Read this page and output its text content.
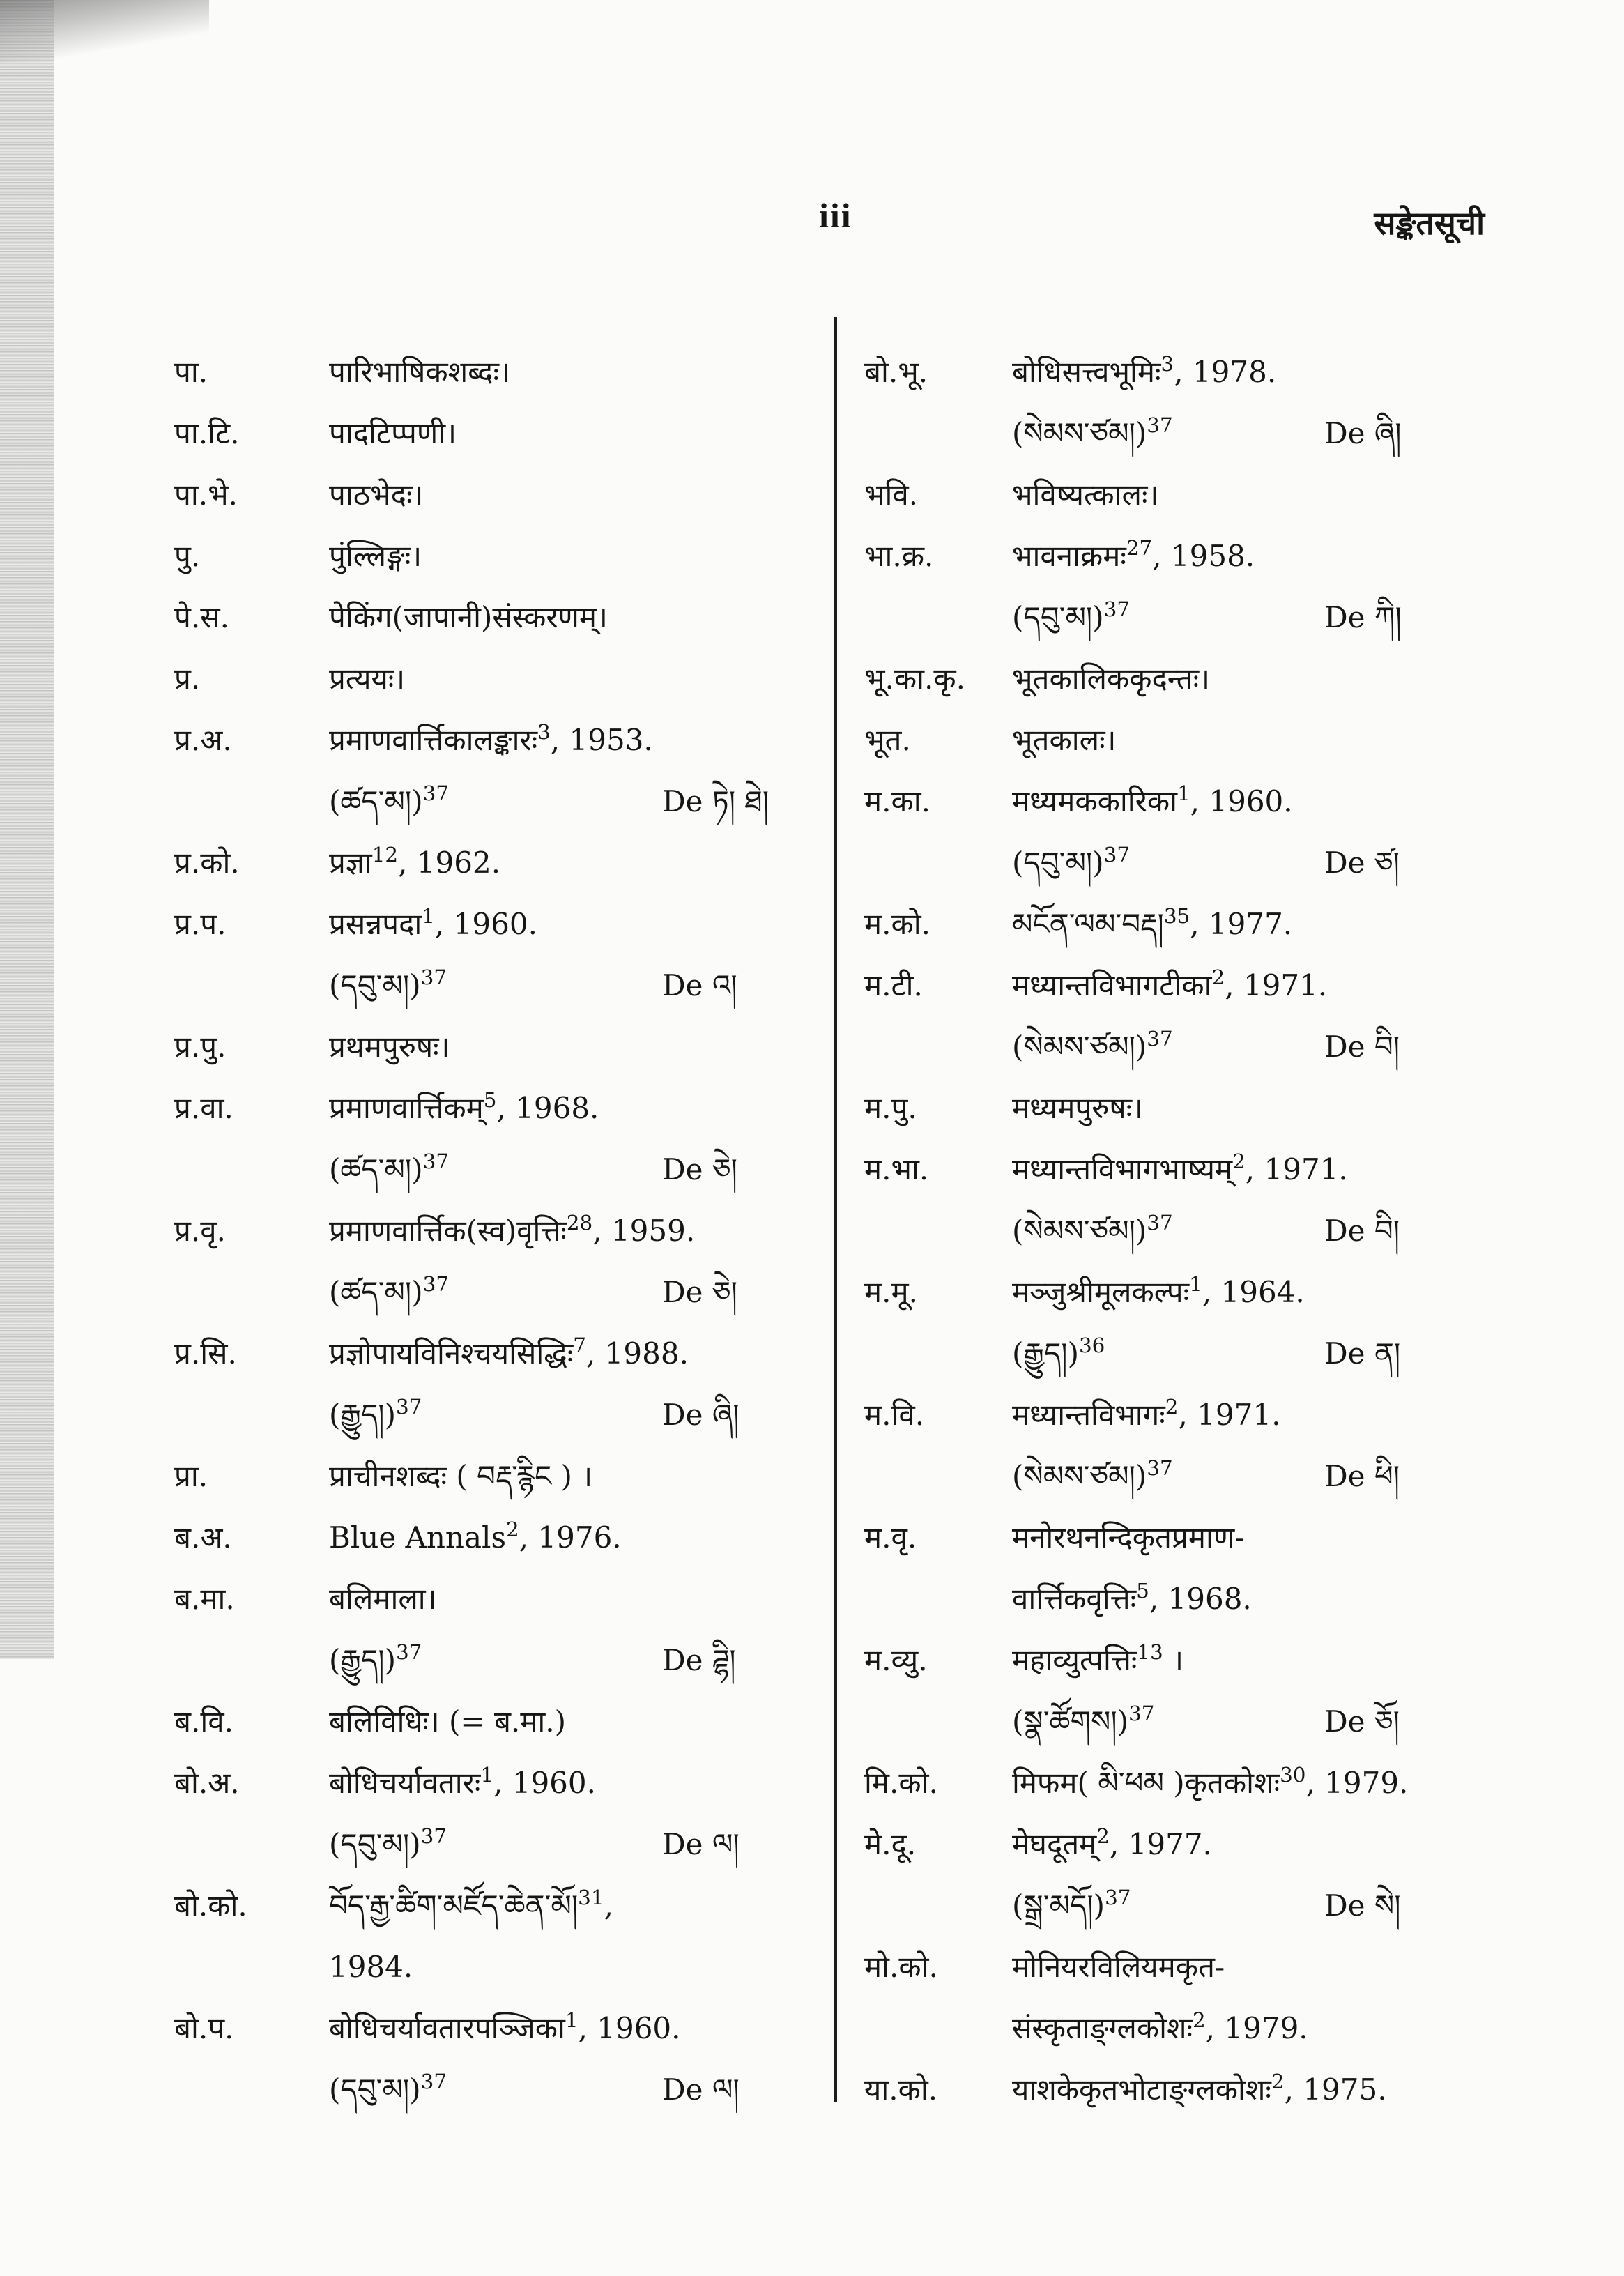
iii	सङ्केतसूची
पा.	पारिभाषिकशब्दः।
पा.टि.	पादटिप्पणी।
पा.भे.	पाठभेदः।
पु.	पुंल्लिङ्गः।
पे.स.	पेकिंग(जापानी)संस्करणम्।
प्र.	प्रत्ययः।
प्र.अ.	प्रमाणवार्त्तिकालङ्कारः$^3$, 1953.
(ཚད་མ།)$^{37}$	De ཏེ། ཐེ།
प्र.को.	प्रज्ञा$^{12}$, 1962.
प्र.प.	प्रसन्नपदा$^1$, 1960.
(དབུ་མ།)$^{37}$	De འ།
प्र.पु.	प्रथमपुरुषः।
प्र.वा.	प्रमाणवार्त्तिकम्$^5$, 1968.
(ཚད་མ།)$^{37}$	De ཅེ།
प्र.वृ.	प्रमाणवार्त्तिक(स्व)वृत्तिः$^{28}$, 1959.
(ཚད་མ།)$^{37}$	De ཅེ།
प्र.सि.	प्रज्ञोपायविनिश्चयसिद्धिः$^7$, 1988.
(རྒྱུད།)$^{37}$	De ཞི།
प्रा.	प्राचीनशब्दः ( བརྡ་རྙིང ) ।
ब.अ.	Blue Annals$^2$, 1976.
ब.मा.	बलिमाला।
(རྒྱུད།)$^{37}$	De ཌྷི།
ब.वि.	बलिविधिः। (= ब.मा.)
बो.अ.	बोधिचर्यावतारः$^1$, 1960.
(དབུ་མ།)$^{37}$	De ལ།
बो.को.	བོད་རྒྱ་ཚིག་མཛོད་ཆེན་མོ།$^{31}$,
1984.
बो.प.	बोधिचर्यावतारपञ्जिका$^1$, 1960.
(དབུ་མ།)$^{37}$	De ལ།
बो.भू.	बोधिसत्त्वभूमिः$^3$, 1978.
(སེམས་ཙམ།)$^{37}$	De ཞི།
भवि.	भविष्यत्कालः।
भा.क्र.	भावनाक्रमः$^{27}$, 1958.
(དབུ་མ།)$^{37}$	De ཀི།
भू.का.कृ. भूतकालिककृदन्तः।
भूत.	भूतकालः।
म.का.	मध्यमककारिका$^1$, 1960.
(དབུ་མ།)$^{37}$	De ཙ།
म.को.	མངོན་ལམ་བརྡ།$^{35}$, 1977.
म.टी.	मध्यान्तविभागटीका$^2$, 1971.
(སེམས་ཙམ།)$^{37}$	De བི།
म.पु.	मध्यमपुरुषः।
म.भा.	मध्यान्तविभागभाष्यम्$^2$, 1971.
(སེམས་ཙམ།)$^{37}$	De བི།
म.मू.	मञ्जुश्रीमूलकल्पः$^1$, 1964.
(རྒྱུད།)$^{36}$	De ན།
म.वि.	मध्यान्तविभागः$^2$, 1971.
(སེམས་ཙམ།)$^{37}$	De ཕི།
म.वृ.	मनोरथनन्दिकृतप्रमाण-
वार्त्तिकवृत्तिः$^5$, 1968.
म.व्यु.	महाव्युत्पत्तिः$^{13}$ ।
(སྣ་ཚོགས།)$^{37}$	De ཅོ།
मि.को.	मिफम( མི་ཕམ )कृतकोशः$^{30}$, 1979.
मे.दू.	मेघदूतम्$^2$, 1977.
(སྒྲ་མདོ།)$^{37}$	De སེ།
मो.को.	मोनियरविलियमकृत-
संस्कृताङ्ग्लकोशः$^2$, 1979.
या.को.	याशकेकृतभोटाङ्ग्लकोशः$^2$, 1975.
